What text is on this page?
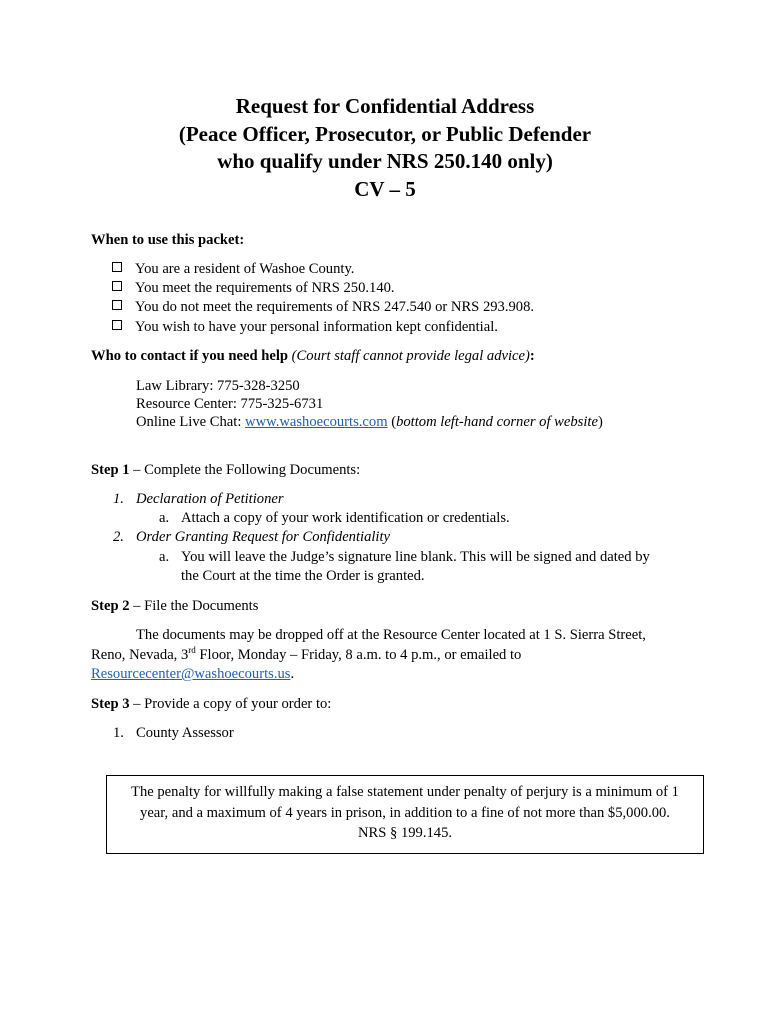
Request for Confidential Address
(Peace Officer, Prosecutor, or Public Defender
who qualify under NRS 250.140 only)
CV – 5
When to use this packet:
You are a resident of Washoe County.
You meet the requirements of NRS 250.140.
You do not meet the requirements of NRS 247.540 or NRS 293.908.
You wish to have your personal information kept confidential.
Who to contact if you need help (Court staff cannot provide legal advice):
Law Library: 775-328-3250
Resource Center: 775-325-6731
Online Live Chat: www.washoecourts.com (bottom left-hand corner of website)
Step 1 – Complete the Following Documents:
1. Declaration of Petitioner
a. Attach a copy of your work identification or credentials.
2. Order Granting Request for Confidentiality
a. You will leave the Judge’s signature line blank. This will be signed and dated by
the Court at the time the Order is granted.
Step 2 – File the Documents
The documents may be dropped off at the Resource Center located at 1 S. Sierra Street,
Reno, Nevada, 3rd Floor, Monday – Friday, 8 a.m. to 4 p.m., or emailed to
Resourcecenter@washoecourts.us.
Step 3 – Provide a copy of your order to:
1. County Assessor
The penalty for willfully making a false statement under penalty of perjury is a minimum of 1
year, and a maximum of 4 years in prison, in addition to a fine of not more than $5,000.00.
NRS § 199.145.
